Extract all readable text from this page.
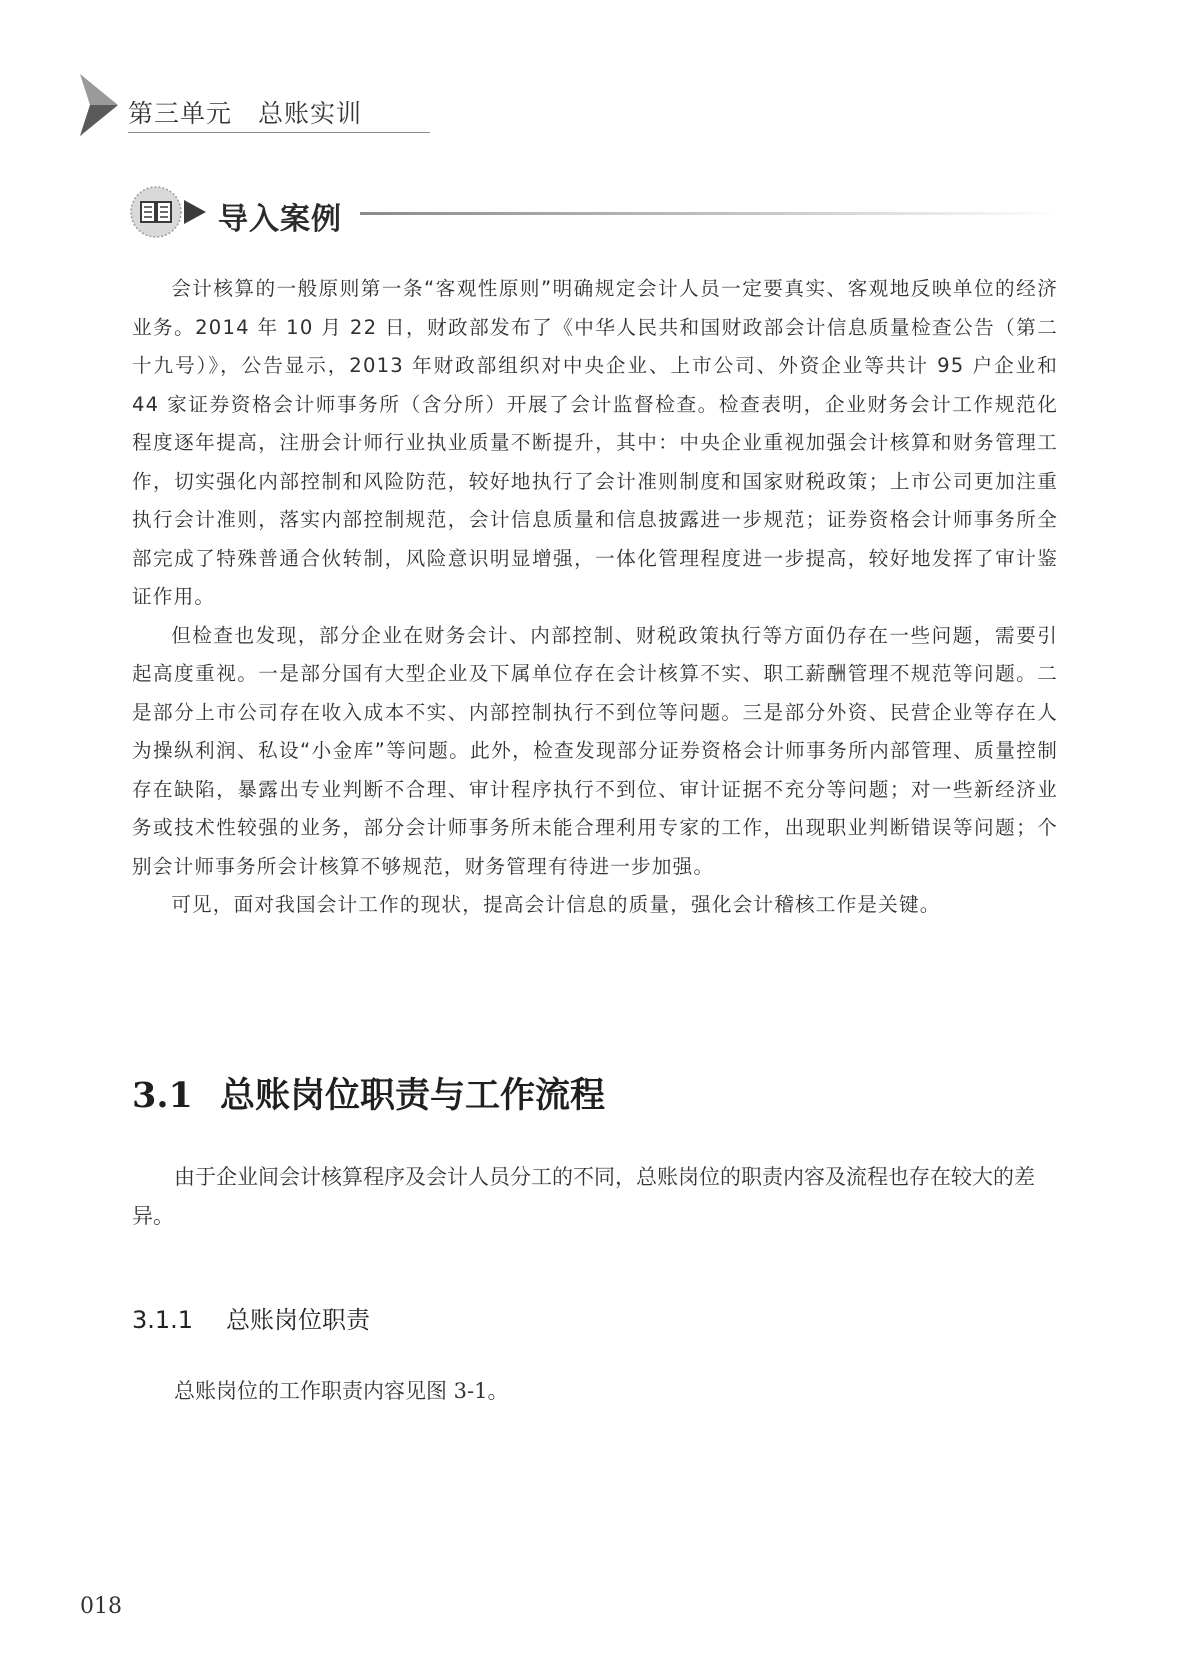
第三单元　总账实训
导入案例

会计核算的一般原则第一条“客观性原则”明确规定会计人员一定要真实、客观地反映单位的经济业务。2014 年 10 月 22 日，财政部发布了《中华人民共和国财政部会计信息质量检查公告（第二十九号）》，公告显示，2013 年财政部组织对中央企业、上市公司、外资企业等共计 95 户企业和 44 家证券资格会计师事务所（含分所）开展了会计监督检查。检查表明，企业财务会计工作规范化程度逐年提高，注册会计师行业执业质量不断提升，其中：中央企业重视加强会计核算和财务管理工作，切实强化内部控制和风险防范，较好地执行了会计准则制度和国家财税政策；上市公司更加注重执行会计准则，落实内部控制规范，会计信息质量和信息披露进一步规范；证券资格会计师事务所全部完成了特殊普通合伙转制，风险意识明显增强，一体化管理程度进一步提高，较好地发挥了审计鉴证作用。

但检查也发现，部分企业在财务会计、内部控制、财税政策执行等方面仍存在一些问题，需要引起高度重视。一是部分国有大型企业及下属单位存在会计核算不实、职工薪酬管理不规范等问题。二是部分上市公司存在收入成本不实、内部控制执行不到位等问题。三是部分外资、民营企业等存在人为操纵利润、私设“小金库”等问题。此外，检查发现部分证券资格会计师事务所内部管理、质量控制存在缺陷，暴露出专业判断不合理、审计程序执行不到位、审计证据不充分等问题；对一些新经济业务或技术性较强的业务，部分会计师事务所未能合理利用专家的工作，出现职业判断错误等问题；个别会计师事务所会计核算不够规范，财务管理有待进一步加强。

可见，面对我国会计工作的现状，提高会计信息的质量，强化会计稽核工作是关键。

3.1 总账岗位职责与工作流程

由于企业间会计核算程序及会计人员分工的不同，总账岗位的职责内容及流程也存在较大的差异。

3.1.1 总账岗位职责

总账岗位的工作职责内容见图 3-1。

018
